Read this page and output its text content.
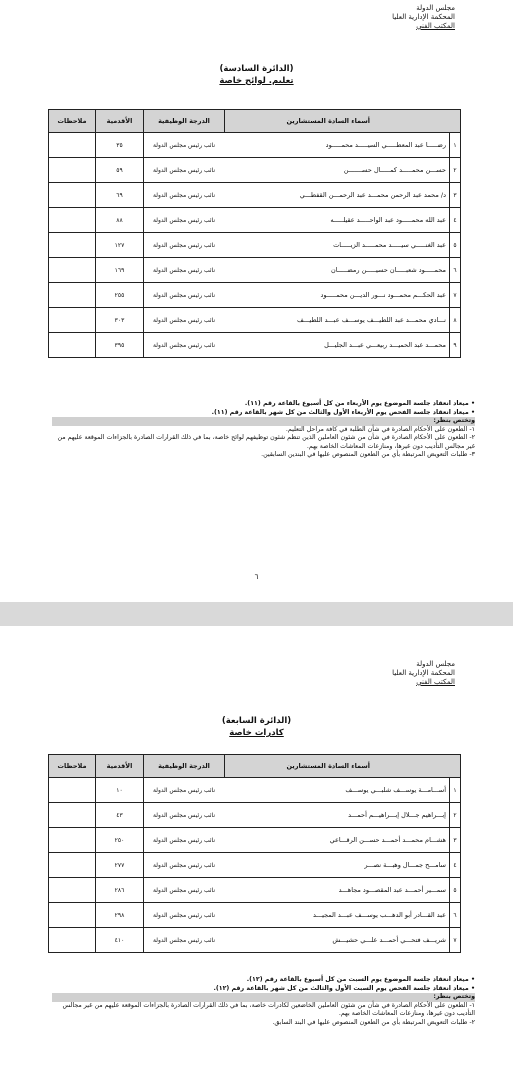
مجلس الدولة
المحكمة الإدارية العليا
المكتب الفني
(الدائرة السادسة)
تعليم. لوائح خاصة
أسماء السادة المستشارين		الدرجة الوظيفية	الأقدمية	ملاحظات
١	رضـــــا عبد المعطـــــي السيـــــد محمـــــود	نائب رئيس مجلس الدولة	٣٥	
٢	حســـن محمـــــد كمـــــال حســـــــن	نائب رئيس مجلس الدولة	٥٩	
٣	د/ محمد عبد الرحمن محمـــد عبد الرحمـــن القفطـــي	نائب رئيس مجلس الدولة	٦٩	
٤	عبد الله محمـــــود عبد الواحـــــد عقيلـــــه	نائب رئيس مجلس الدولة	٨٨	
٥	عبد الغنـــــي سيـــــد محمـــــد الزيـــــات	نائب رئيس مجلس الدولة	١٢٧	
٦	محمـــــود شعبـــــان حسيـــــن رمضـــــان	نائب رئيس مجلس الدولة	١٦٩	
٧	عبد الحكـــم محمـــود نـــور الديـــن محمـــــود	نائب رئيس مجلس الدولة	٢٥٥	
٨	نـــادي محمـــد عبد اللطيـــف يوســـف عبـــد اللطيـــف	نائب رئيس مجلس الدولة	٣٠٣	
٩	محمـــد عبد الحميـــد ربيعـــي عبـــد الجليـــل	نائب رئيس مجلس الدولة	٣٩٥	
• ميعاد انعقاد جلسة الموضوع يوم الأربعاء من كل أسبوع بالقاعة رقم (١١).
• ميعاد انعقاد جلسة الفحص يوم الأربعاء الأول والثالث من كل شهر بالقاعة رقم (١١).
وتختص بنظر:
١- الطعون على الأحكام الصادرة في شأن الطلبة في كافة مراحل التعليم.
٢- الطعون على الأحكام الصادرة في شأن من شئون العاملين الذين تنظم شئون توظيفهم لوائح خاصة، بما في ذلك القرارات الصادرة بالجزاءات الموقعة عليهم من غير مجالس التأديب دون غيرها، ومنازعات المعاشات الخاصة بهم.
٣- طلبات التعويض المرتبطة بأي من الطعون المنصوص عليها في البندين السابقين.
٦
مجلس الدولة
المحكمة الإدارية العليا
المكتب الفني
(الدائرة السابعة)
كادرات خاصة
أسماء السادة المستشارين		الدرجة الوظيفية	الأقدمية	ملاحظات
١	أســـامـــة يوســـف شلبـــي يوســـف	نائب رئيس مجلس الدولة	١٠	
٢	إبـــراهيم جـــلال إبـــراهيـــم أحمـــد	نائب رئيس مجلس الدولة	٤٣	
٣	هشـــام محمـــد أحمـــد حســـن الرقـــاعي	نائب رئيس مجلس الدولة	٢٥٠	
٤	سامـــح جمـــال وهبـــة نصـــر	نائب رئيس مجلس الدولة	٢٧٧	
٥	سمـــير أحمـــد عبد المقصـــود مجاهـــد	نائب رئيس مجلس الدولة	٢٨٦	
٦	عبد القـــادر أبو الدهـــب يوســـف عبـــد المجيـــد	نائب رئيس مجلس الدولة	٢٩٨	
٧	شريـــف فتحـــي أحمـــد علـــي حشيـــش	نائب رئيس مجلس الدولة	٤١٠	
• ميعاد انعقاد جلسة الموضوع يوم السبت من كل أسبوع بالقاعة رقم (١٢).
• ميعاد انعقاد جلسة الفحص يوم السبت الأول والثالث من كل شهر بالقاعة رقم (١٢).
وتختص بنظر:
١- الطعون على الأحكام الصادرة في شأن من شئون العاملين الخاضعين لكادرات خاصة، بما في ذلك القرارات الصادرة بالجزاءات الموقعة عليهم من غير مجالس التأديب دون غيرها، ومنازعات المعاشات الخاصة بهم.
٢- طلبات التعويض المرتبطة بأي من الطعون المنصوص عليها في البند السابق.
